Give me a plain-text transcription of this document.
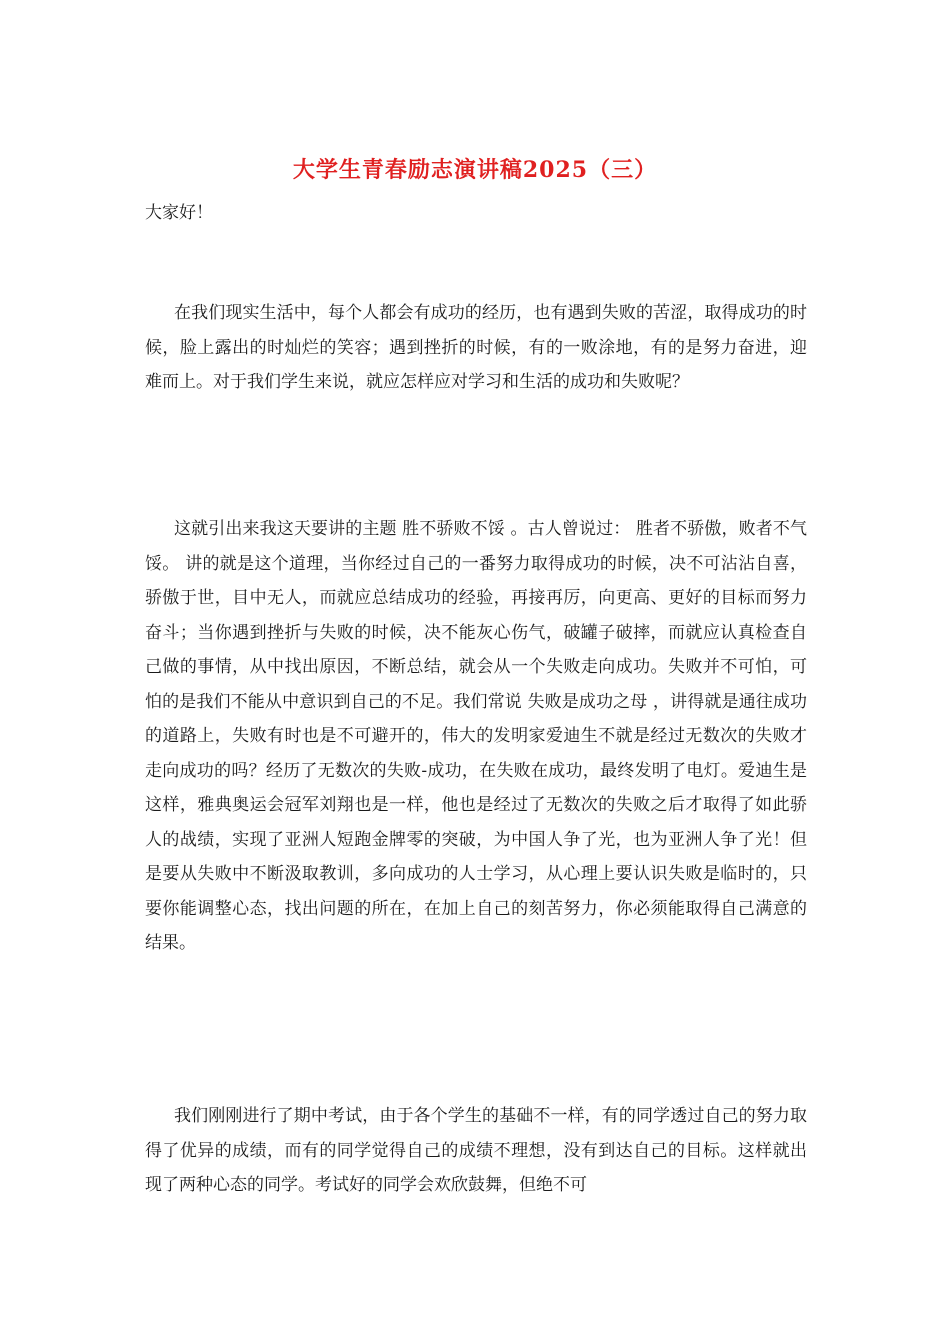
大学生青春励志演讲稿2025（三）

大家好！

在我们现实生活中，每个人都会有成功的经历，也有遇到失败的苦涩，取得成功的时候，脸上露出的时灿烂的笑容；遇到挫折的时候，有的一败涂地，有的是努力奋进，迎难而上。对于我们学生来说，就应怎样应对学习和生活的成功和失败呢？

这就引出来我这天要讲的主题 胜不骄败不馁 。古人曾说过： 胜者不骄傲，败者不气馁。 讲的就是这个道理，当你经过自己的一番努力取得成功的时候，决不可沾沾自喜，骄傲于世，目中无人，而就应总结成功的经验，再接再厉，向更高、更好的目标而努力奋斗；当你遇到挫折与失败的时候，决不能灰心伤气，破罐子破摔，而就应认真检查自己做的事情，从中找出原因，不断总结，就会从一个失败走向成功。失败并不可怕，可怕的是我们不能从中意识到自己的不足。我们常说 失败是成功之母 ，讲得就是通往成功的道路上，失败有时也是不可避开的，伟大的发明家爱迪生不就是经过无数次的失败才走向成功的吗？经历了无数次的失败-成功，在失败在成功，最终发明了电灯。爱迪生是这样，雅典奥运会冠军刘翔也是一样，他也是经过了无数次的失败之后才取得了如此骄人的战绩，实现了亚洲人短跑金牌零的突破，为中国人争了光，也为亚洲人争了光！但是要从失败中不断汲取教训，多向成功的人士学习，从心理上要认识失败是临时的，只要你能调整心态，找出问题的所在，在加上自己的刻苦努力，你必须能取得自己满意的结果。

我们刚刚进行了期中考试，由于各个学生的基础不一样，有的同学透过自己的努力取得了优异的成绩，而有的同学觉得自己的成绩不理想，没有到达自己的目标。这样就出现了两种心态的同学。考试好的同学会欢欣鼓舞，但绝不可
